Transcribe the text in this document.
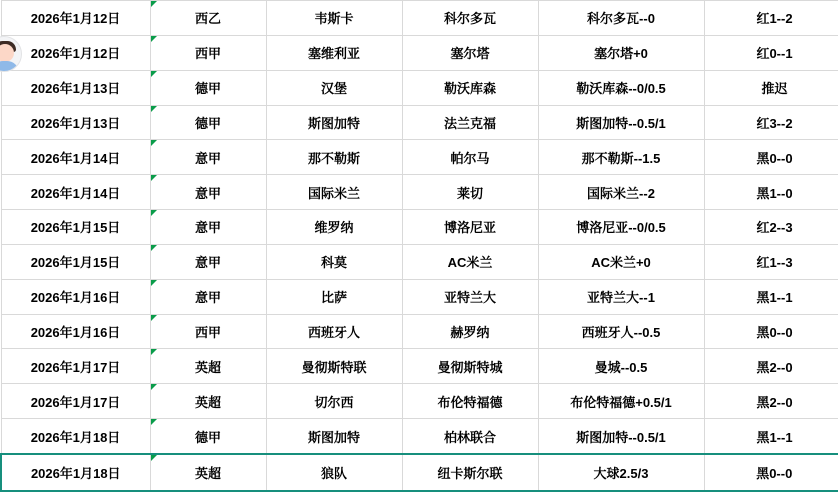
2026年1月12日	西乙	韦斯卡	科尔多瓦	科尔多瓦--0	红1--2
2026年1月12日	西甲	塞维利亚	塞尔塔	塞尔塔+0	红0--1
2026年1月13日	德甲	汉堡	勒沃库森	勒沃库森--0/0.5	推迟
2026年1月13日	德甲	斯图加特	法兰克福	斯图加特--0.5/1	红3--2
2026年1月14日	意甲	那不勒斯	帕尔马	那不勒斯--1.5	黑0--0
2026年1月14日	意甲	国际米兰	莱切	国际米兰--2	黑1--0
2026年1月15日	意甲	维罗纳	博洛尼亚	博洛尼亚--0/0.5	红2--3
2026年1月15日	意甲	科莫	AC米兰	AC米兰+0	红1--3
2026年1月16日	意甲	比萨	亚特兰大	亚特兰大--1	黑1--1
2026年1月16日	西甲	西班牙人	赫罗纳	西班牙人--0.5	黑0--0
2026年1月17日	英超	曼彻斯特联	曼彻斯特城	曼城--0.5	黑2--0
2026年1月17日	英超	切尔西	布伦特福德	布伦特福德+0.5/1	黑2--0
2026年1月18日	德甲	斯图加特	柏林联合	斯图加特--0.5/1	黑1--1
2026年1月18日	英超	狼队	纽卡斯尔联	大球2.5/3	黑0--0
